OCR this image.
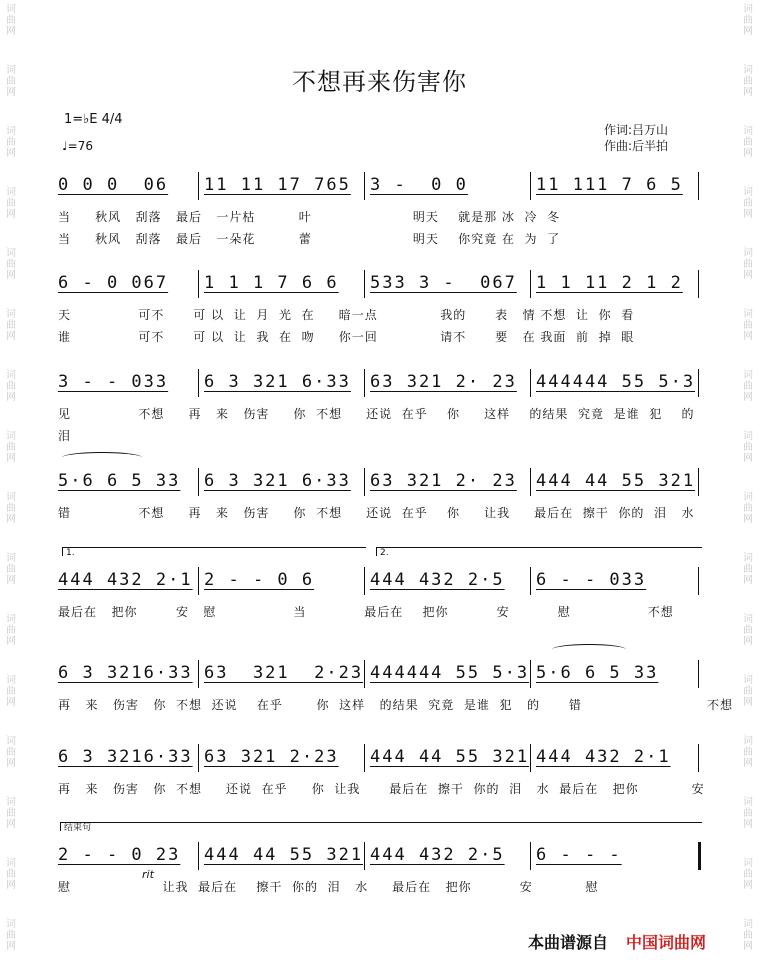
词
曲
网
词
曲
网
词
曲
网
词
曲
网
词
曲
网
词
曲
网
词
曲
网
词
曲
网
词
曲
网
词
曲
网
词
曲
网
词
曲
网
词
曲
网
词
曲
网
词
曲
网
词
曲
网
词
曲
网
词
曲
网
词
曲
网
词
曲
网
词
曲
网
词
曲
网
词
曲
网
词
曲
网
词
曲
网
词
曲
网
词
曲
网
词
曲
网
词
曲
网
词
曲
网
词
曲
网
词
曲
网
不想再来伤害你
1=♭E 4/4
♩=76
作词:吕万山
作曲:后半拍
0 0 0  06 11 11 17 765 3 -  0 0	11 111 7 6 5
当     秋风   刮落   最后   一片枯         叶                     明天    就是那 冰  冷  冬
当     秋风   刮落   最后   一朵花         蕾                     明天    你究竟 在  为  了
6 - 0 067 1 1 1 7 6 6 533 3 -  067 1 1 11 2 1 2
天              可不      可 以  让  月  光  在     暗一点             我的      表   情 不想  让  你  看
谁              可不      可 以  让  我  在  吻     你一回             请不      要   在 我面  前  掉  眼
3 - - 033 6 3 321 6·33 63 321 2· 23 444444 55 5·3
见              不想     再   来   伤害     你  不想     还说  在乎    你     这样    的结果  究竟  是谁  犯    的
泪
5·6 6 5 33 6 3 321 6·33 63 321 2· 23 444 44 55 321
错              不想     再   来   伤害     你  不想     还说  在乎    你     让我     最后在  擦干  你的  泪   水
444 432 2·1 2 - - 0 6	444 432 2·5 6 - - 033
最后在   把你        安   慰                当            最后在    把你          安          慰                不想
6 3 3216·33 63  321  2·23 444444 55 5·3 5·6 6 5 33
再   来   伤害   你  不想  还说    在乎       你  这样   的结果  究竟  是谁  犯   的      错                          不想
6 3 3216·33 63 321 2·23 444 44 55 321 444 432 2·1
再   来   伤害   你  不想     还说  在乎     你  让我      最后在  擦干  你的  泪   水  最后在   把你           安
2 - - 0 23 444 44 55 321 444 432 2·5 6 - - -
慰                   让我  最后在    擦干  你的  泪   水     最后在   把你          安           慰
1.	2.
结束句
rit
本曲谱源自 中国词曲网
